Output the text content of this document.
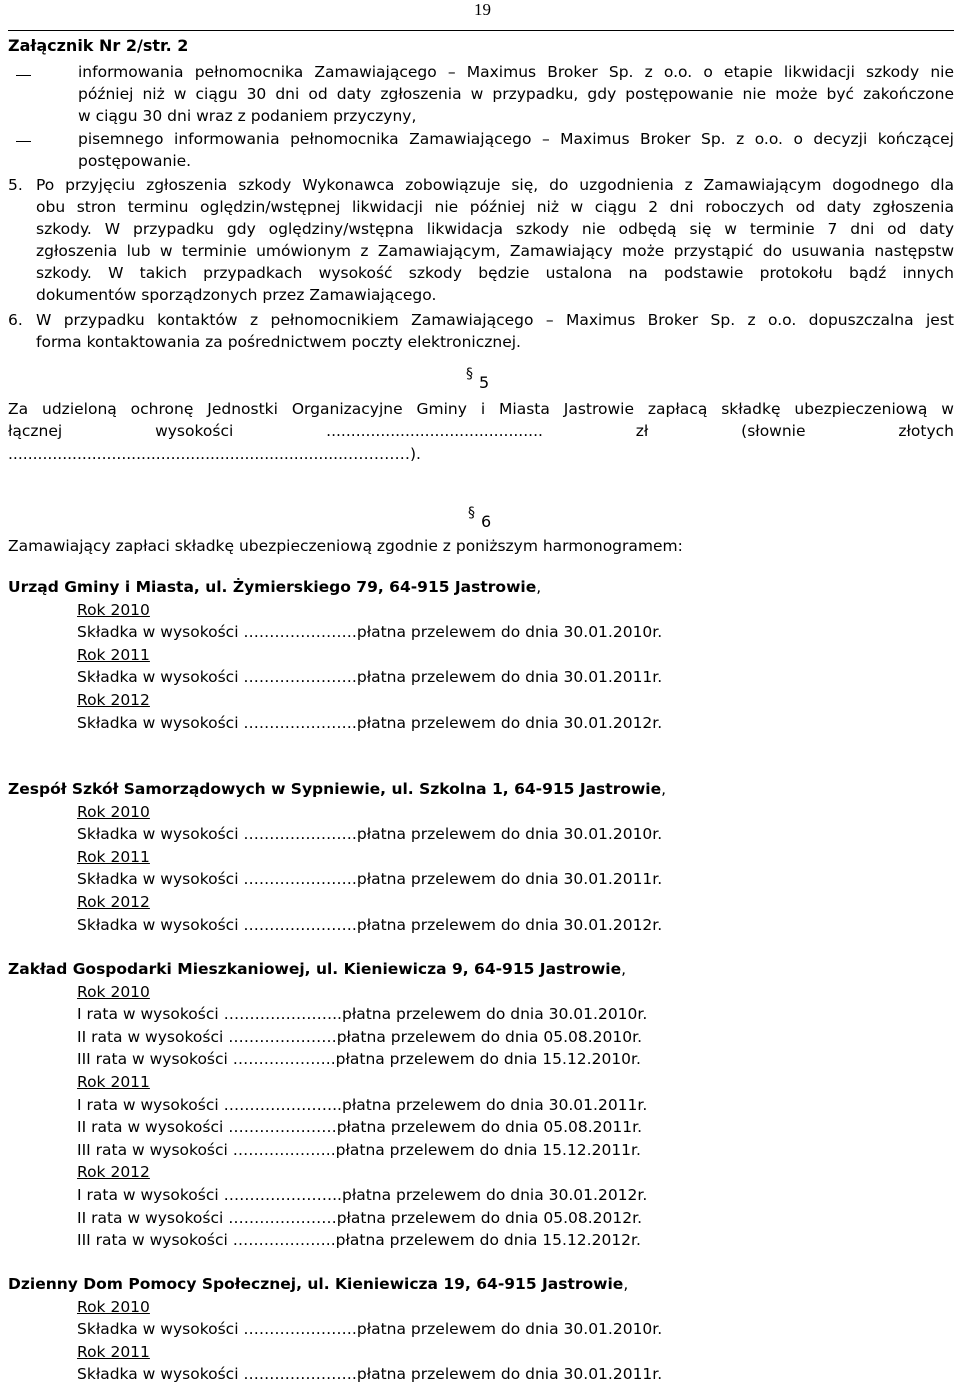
19
Załącznik Nr 2/str. 2
informowania pełnomocnika Zamawiającego – Maximus Broker Sp. z o.o. o etapie likwidacji szkody nie
później niż w ciągu 30 dni od daty zgłoszenia w przypadku, gdy postępowanie nie może być zakończone
w ciągu 30 dni wraz z podaniem przyczyny,
pisemnego informowania pełnomocnika Zamawiającego – Maximus Broker Sp. z o.o. o decyzji kończącej
postępowanie.
5. Po przyjęciu zgłoszenia szkody Wykonawca zobowiązuje się, do uzgodnienia z Zamawiającym dogodnego dla
obu stron terminu oględzin/wstępnej likwidacji nie później niż w ciągu 2 dni roboczych od daty zgłoszenia
szkody. W przypadku gdy oględziny/wstępna likwidacja szkody nie odbędą się w terminie 7 dni od daty
zgłoszenia lub w terminie umówionym z Zamawiającym, Zamawiający może przystąpić do usuwania następstw
szkody. W takich przypadkach wysokość szkody będzie ustalona na podstawie protokołu bądź innych
dokumentów sporządzonych przez Zamawiającego.
6. W przypadku kontaktów z pełnomocnikiem Zamawiającego – Maximus Broker Sp. z o.o. dopuszczalna jest
forma kontaktowania za pośrednictwem poczty elektronicznej.
§ 5
Za udzieloną ochronę Jednostki Organizacyjne Gminy i Miasta Jastrowie zapłacą składkę ubezpieczeniową w
łącznej wysokości ............................................ zł (słownie złotych
.....................................................................…………).
§ 6
Zamawiający zapłaci składkę ubezpieczeniową zgodnie z poniższym harmonogramem:
Urząd Gminy i Miasta, ul. Żymierskiego 79, 64-915 Jastrowie,
Rok 2010
Składka w wysokości ………………….płatna przelewem do dnia 30.01.2010r.
Rok 2011
Składka w wysokości ………………….płatna przelewem do dnia 30.01.2011r.
Rok 2012
Składka w wysokości ………………….płatna przelewem do dnia 30.01.2012r.
Zespół Szkół Samorządowych w Sypniewie, ul. Szkolna 1, 64-915 Jastrowie,
Rok 2010
Składka w wysokości ………………….płatna przelewem do dnia 30.01.2010r.
Rok 2011
Składka w wysokości ………………….płatna przelewem do dnia 30.01.2011r.
Rok 2012
Składka w wysokości ………………….płatna przelewem do dnia 30.01.2012r.
Zakład Gospodarki Mieszkaniowej, ul. Kieniewicza 9, 64-915 Jastrowie,
Rok 2010
I rata w wysokości …………………..płatna przelewem do dnia 30.01.2010r.
II rata w wysokości …………………płatna przelewem do dnia 05.08.2010r.
III rata w wysokości ………………..płatna przelewem do dnia 15.12.2010r.
Rok 2011
I rata w wysokości …………………..płatna przelewem do dnia 30.01.2011r.
II rata w wysokości …………………płatna przelewem do dnia 05.08.2011r.
III rata w wysokości ………………..płatna przelewem do dnia 15.12.2011r.
Rok 2012
I rata w wysokości …………………..płatna przelewem do dnia 30.01.2012r.
II rata w wysokości …………………płatna przelewem do dnia 05.08.2012r.
III rata w wysokości ………………..płatna przelewem do dnia 15.12.2012r.
Dzienny Dom Pomocy Społecznej, ul. Kieniewicza 19, 64-915 Jastrowie,
Rok 2010
Składka w wysokości ………………….płatna przelewem do dnia 30.01.2010r.
Rok 2011
Składka w wysokości ………………….płatna przelewem do dnia 30.01.2011r.
